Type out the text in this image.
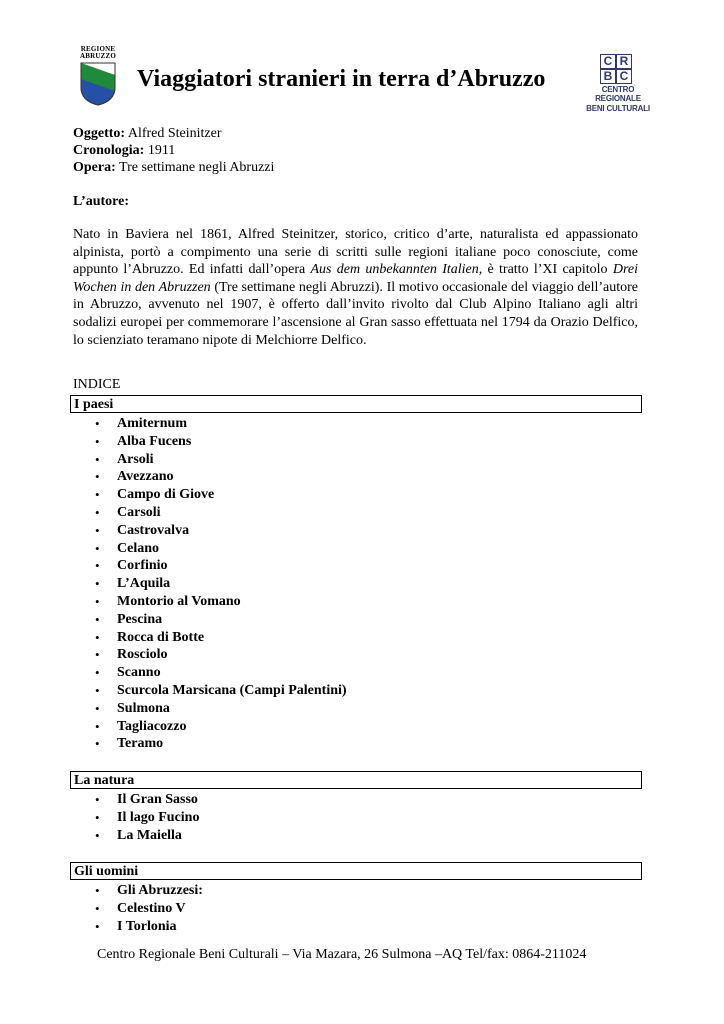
REGIONE
ABRUZZO
Viaggiatori stranieri in terra d’Abruzzo
C R
B C
CENTRO REGIONALE
BENI CULTURALI
Oggetto: Alfred Steinitzer
Cronologia: 1911
Opera: Tre settimane negli Abruzzi
L’autore:
Nato in Baviera nel 1861, Alfred Steinitzer, storico, critico d’arte, naturalista ed appassionato alpinista, portò a compimento una serie di scritti sulle regioni italiane poco conosciute, come appunto l’Abruzzo. Ed infatti dall’opera Aus dem unbekannten Italien, è tratto l’XI capitolo Drei Wochen in den Abruzzen (Tre settimane negli Abruzzi). Il motivo occasionale del viaggio dell’autore in Abruzzo, avvenuto nel 1907, è offerto dall’invito rivolto dal Club Alpino Italiano agli altri sodalizi europei per commemorare l’ascensione al Gran sasso effettuata nel 1794 da Orazio Delfico, lo scienziato teramano nipote di Melchiorre Delfico.
INDICE
I paesi
• Amiternum
• Alba Fucens
• Arsoli
• Avezzano
• Campo di Giove
• Carsoli
• Castrovalva
• Celano
• Corfinio
• L’Aquila
• Montorio al Vomano
• Pescina
• Rocca di Botte
• Rosciolo
• Scanno
• Scurcola Marsicana (Campi Palentini)
• Sulmona
• Tagliacozzo
• Teramo
La natura
• Il Gran Sasso
• Il lago Fucino
• La Maiella
Gli uomini
• Gli Abruzzesi:
• Celestino V
• I Torlonia
Centro Regionale Beni Culturali – Via Mazara, 26 Sulmona –AQ Tel/fax: 0864-211024
